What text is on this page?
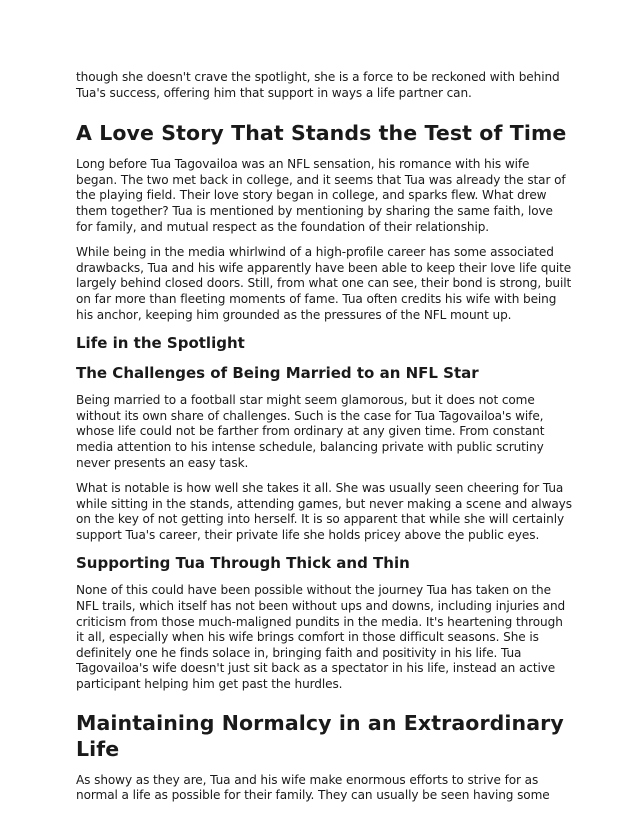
though she doesn't crave the spotlight, she is a force to be reckoned with behind Tua's success, offering him that support in ways a life partner can.

A Love Story That Stands the Test of Time

Long before Tua Tagovailoa was an NFL sensation, his romance with his wife began. The two met back in college, and it seems that Tua was already the star of the playing field. Their love story began in college, and sparks flew. What drew them together? Tua is mentioned by mentioning by sharing the same faith, love for family, and mutual respect as the foundation of their relationship.

While being in the media whirlwind of a high-profile career has some associated drawbacks, Tua and his wife apparently have been able to keep their love life quite largely behind closed doors. Still, from what one can see, their bond is strong, built on far more than fleeting moments of fame. Tua often credits his wife with being his anchor, keeping him grounded as the pressures of the NFL mount up.

Life in the Spotlight
The Challenges of Being Married to an NFL Star

Being married to a football star might seem glamorous, but it does not come without its own share of challenges. Such is the case for Tua Tagovailoa's wife, whose life could not be farther from ordinary at any given time. From constant media attention to his intense schedule, balancing private with public scrutiny never presents an easy task.

What is notable is how well she takes it all. She was usually seen cheering for Tua while sitting in the stands, attending games, but never making a scene and always on the key of not getting into herself. It is so apparent that while she will certainly support Tua's career, their private life she holds pricey above the public eyes.

Supporting Tua Through Thick and Thin

None of this could have been possible without the journey Tua has taken on the NFL trails, which itself has not been without ups and downs, including injuries and criticism from those much-maligned pundits in the media. It's heartening through it all, especially when his wife brings comfort in those difficult seasons. She is definitely one he finds solace in, bringing faith and positivity in his life. Tua Tagovailoa's wife doesn't just sit back as a spectator in his life, instead an active participant helping him get past the hurdles.

Maintaining Normalcy in an Extraordinary Life

As showy as they are, Tua and his wife make enormous efforts to strive for as normal a life as possible for their family. They can usually be seen having some
